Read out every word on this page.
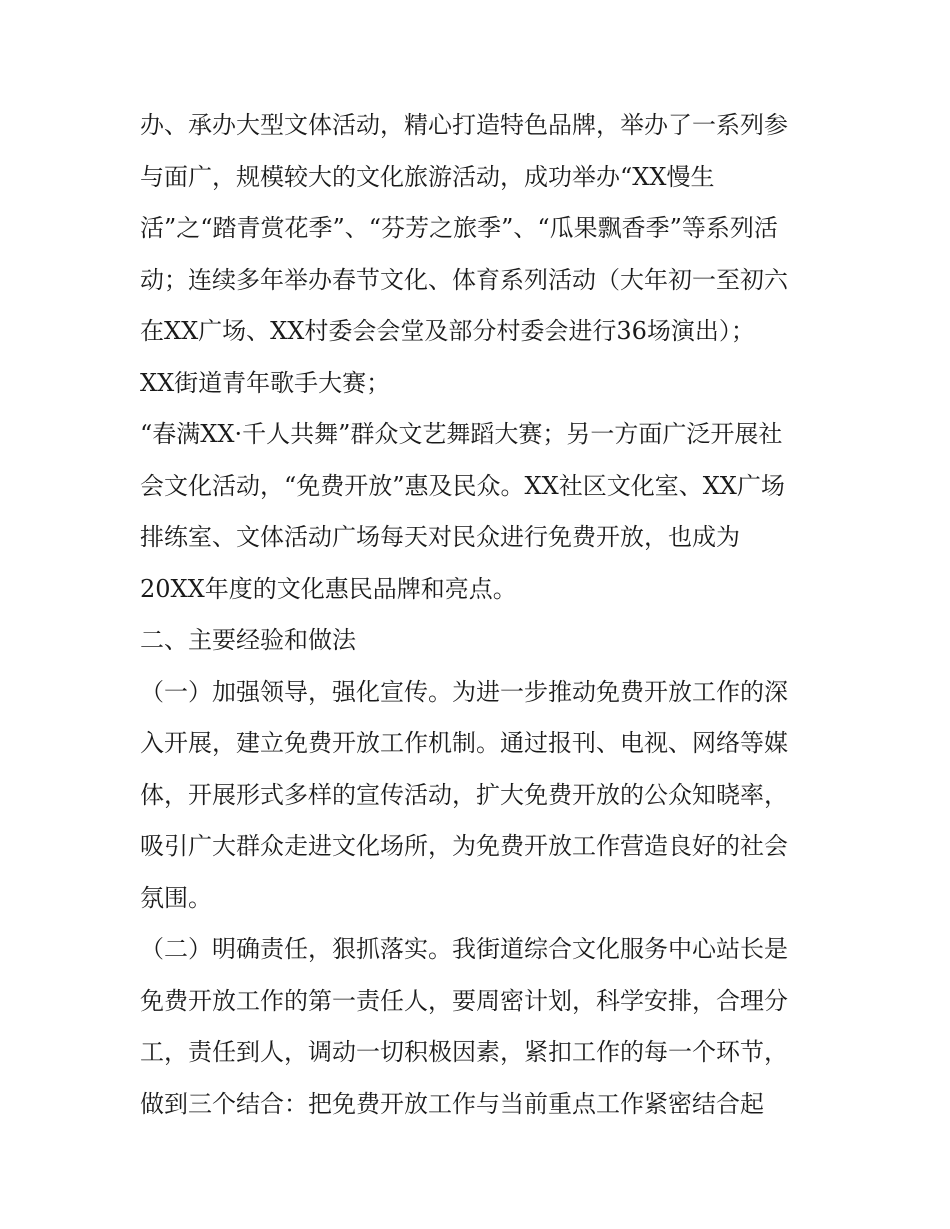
办、承办大型文体活动，精心打造特色品牌，举办了一系列参
与面广，规模较大的文化旅游活动，成功举办“XX慢生
活”之“踏青赏花季”、“芬芳之旅季”、“瓜果飘香季”等系列活
动；连续多年举办春节文化、体育系列活动（大年初一至初六
在XX广场、XX村委会会堂及部分村委会进行36场演出）；
XX街道青年歌手大赛；
“春满XX·千人共舞”群众文艺舞蹈大赛；另一方面广泛开展社
会文化活动，“免费开放”惠及民众。XX社区文化室、XX广场
排练室、文体活动广场每天对民众进行免费开放，也成为
20XX年度的文化惠民品牌和亮点。
二、主要经验和做法
（一）加强领导，强化宣传。为进一步推动免费开放工作的深
入开展，建立免费开放工作机制。通过报刊、电视、网络等媒
体，开展形式多样的宣传活动，扩大免费开放的公众知晓率，
吸引广大群众走进文化场所，为免费开放工作营造良好的社会
氛围。
（二）明确责任，狠抓落实。我街道综合文化服务中心站长是
免费开放工作的第一责任人，要周密计划，科学安排，合理分
工，责任到人，调动一切积极因素，紧扣工作的每一个环节，
做到三个结合：把免费开放工作与当前重点工作紧密结合起
